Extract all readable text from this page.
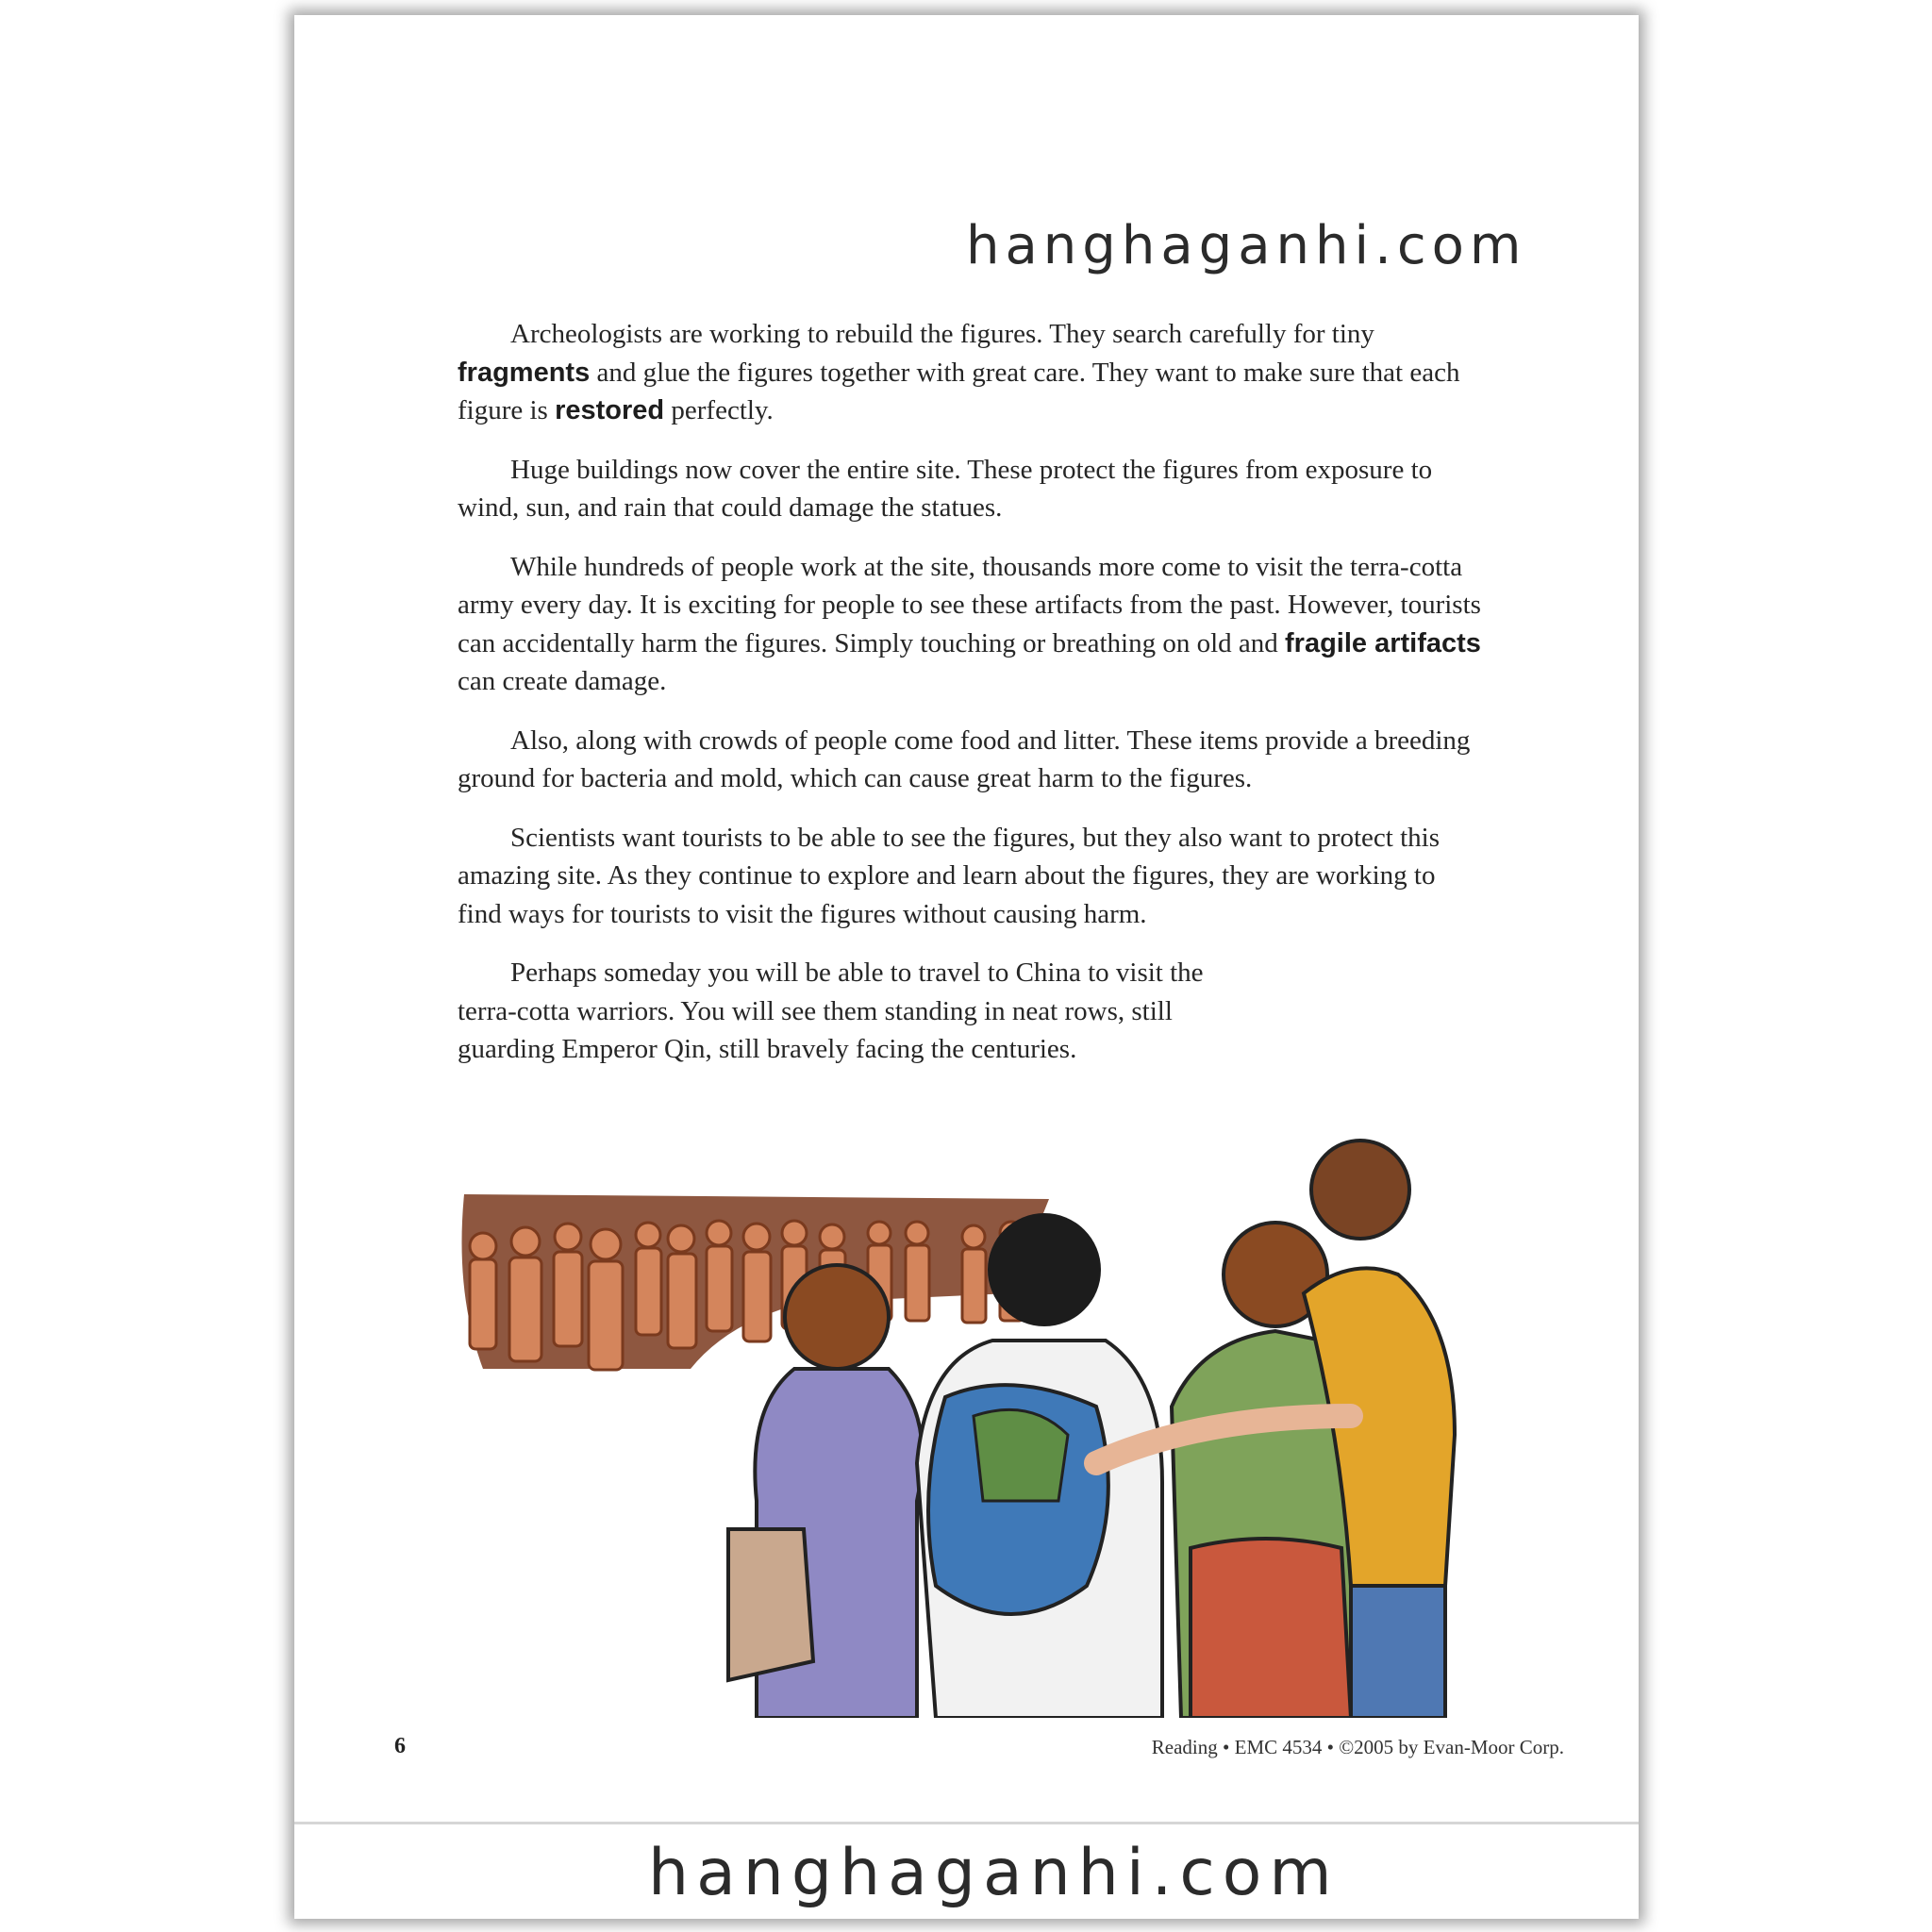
hanghaganhi.com

Archeologists are working to rebuild the figures. They search carefully for tiny fragments and glue the figures together with great care. They want to make sure that each figure is restored perfectly.

Huge buildings now cover the entire site. These protect the figures from exposure to wind, sun, and rain that could damage the statues.

While hundreds of people work at the site, thousands more come to visit the terra-cotta army every day. It is exciting for people to see these artifacts from the past. However, tourists can accidentally harm the figures. Simply touching or breathing on old and fragile artifacts can create damage.

Also, along with crowds of people come food and litter. These items provide a breeding ground for bacteria and mold, which can cause great harm to the figures.

Scientists want tourists to be able to see the figures, but they also want to protect this amazing site. As they continue to explore and learn about the figures, they are working to find ways for tourists to visit the figures without causing harm.

Perhaps someday you will be able to travel to China to visit the terra-cotta warriors. You will see them standing in neat rows, still guarding Emperor Qin, still bravely facing the centuries.

6	Reading • EMC 4534 • ©2005 by Evan-Moor Corp.
hanghaganhi.com
